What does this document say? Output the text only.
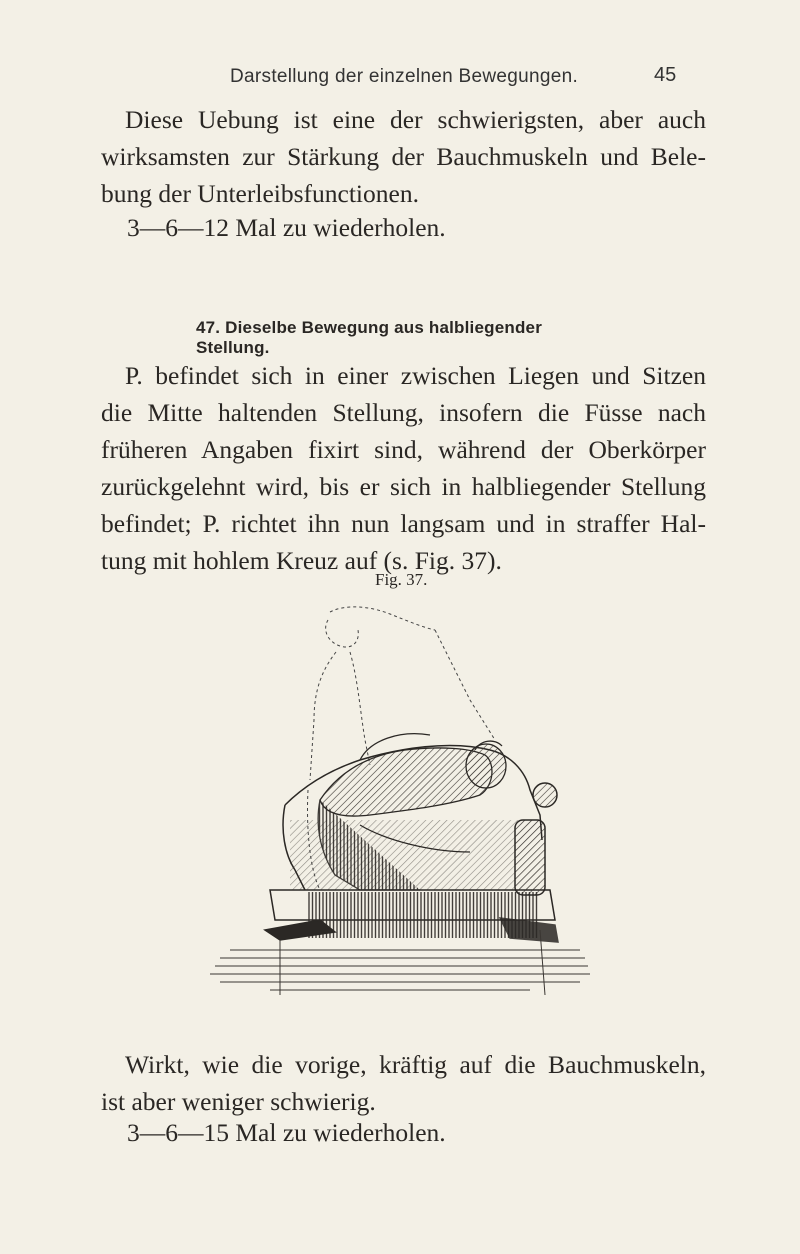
Darstellung der einzelnen Bewegungen.	45
Diese Uebung ist eine der schwierigsten, aber auch
wirksamsten zur Stärkung der Bauchmuskeln und Bele-
bung der Unterleibsfunctionen.
3—6—12 Mal zu wiederholen.
47. Dieselbe Bewegung aus halbliegender Stellung.
P. befindet sich in einer zwischen Liegen und Sitzen
die Mitte haltenden Stellung, insofern die Füsse nach
früheren Angaben fixirt sind, während der Oberkörper
zurückgelehnt wird, bis er sich in halbliegender Stellung
befindet; P. richtet ihn nun langsam und in straffer Hal-
tung mit hohlem Kreuz auf (s. Fig. 37).
Fig. 37.
Wirkt, wie die vorige, kräftig auf die Bauchmuskeln,
ist aber weniger schwierig.
3—6—15 Mal zu wiederholen.
